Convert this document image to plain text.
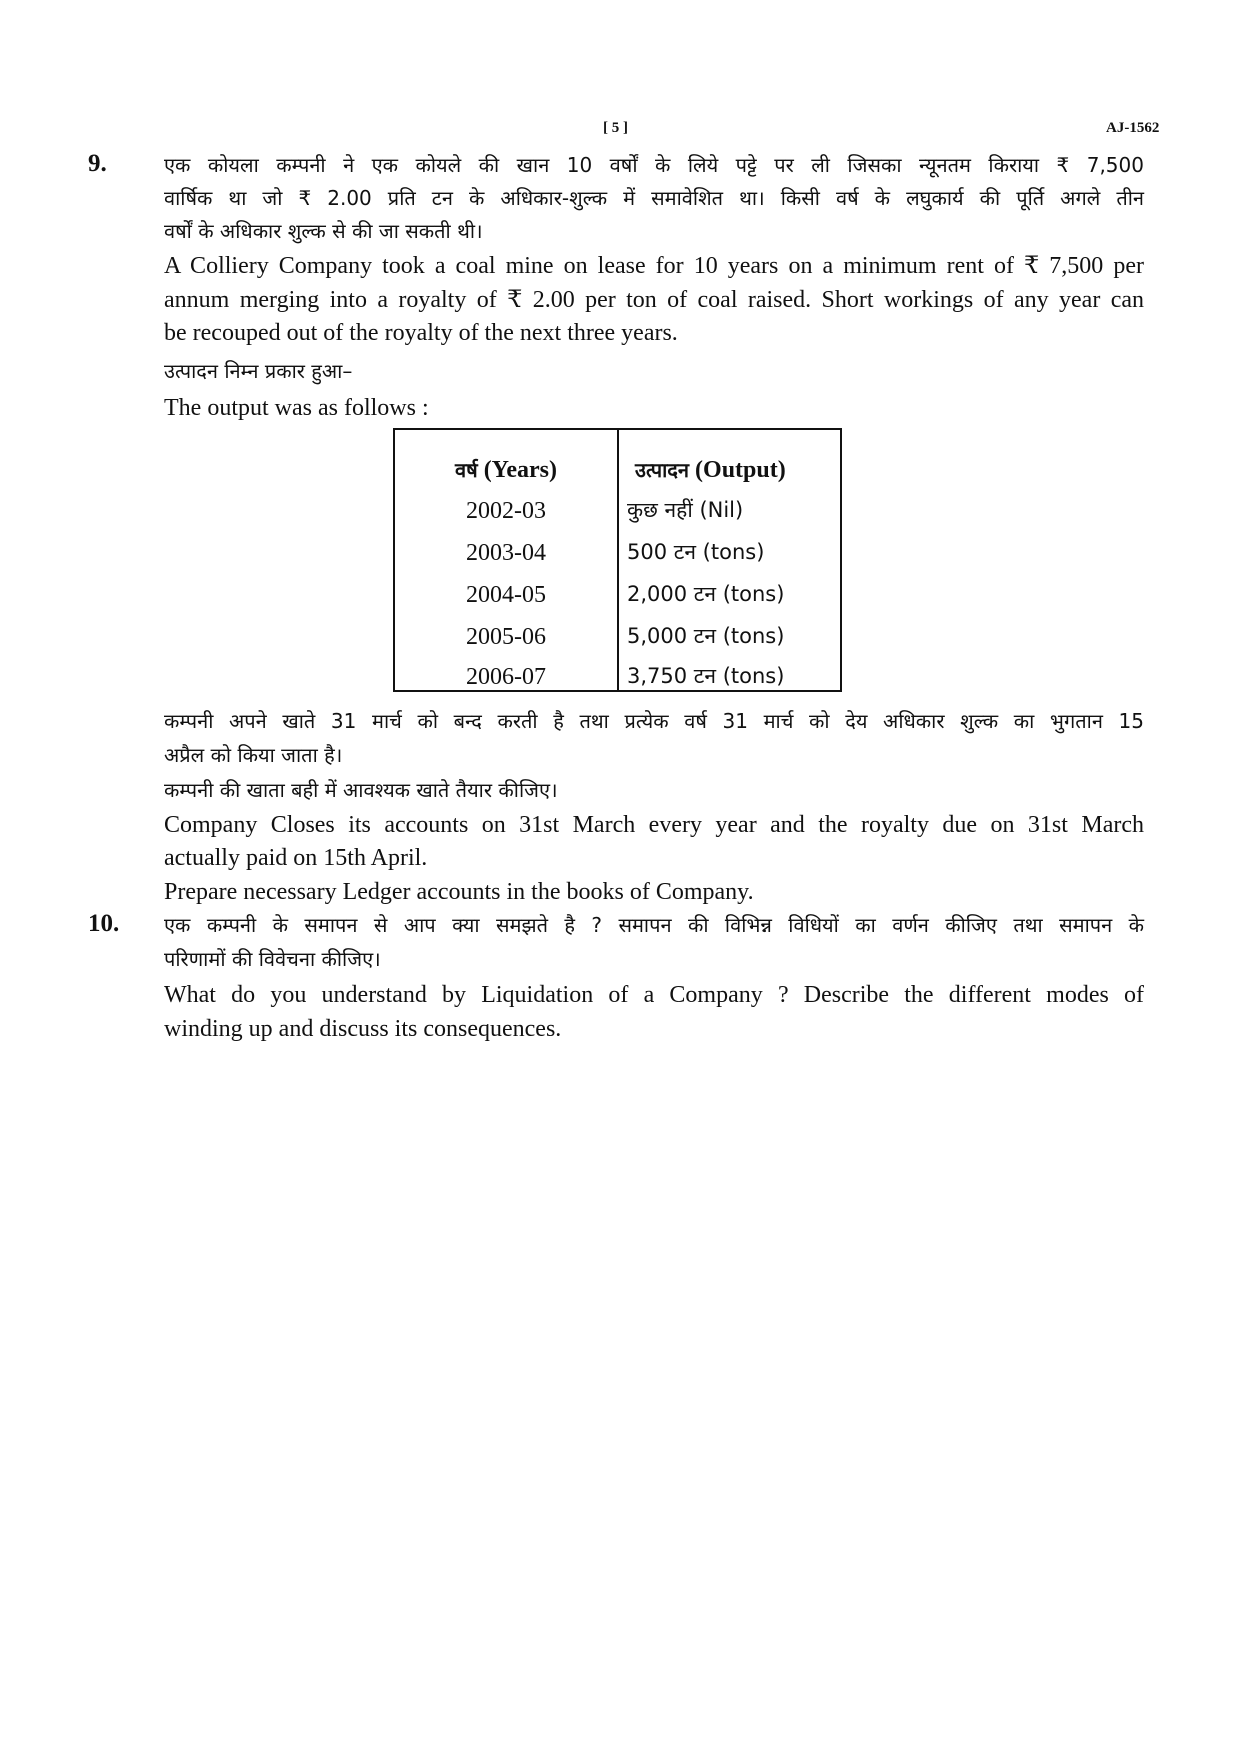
[ 5 ]	AJ-1562
9.	एक कोयला कम्पनी ने एक कोयले की खान 10 वर्षों के लिये पट्टे पर ली जिसका न्यूनतम किराया ₹ 7,500
वार्षिक था जो ₹ 2.00 प्रति टन के अधिकार-शुल्क में समावेशित था। किसी वर्ष के लघुकार्य की पूर्ति अगले तीन
वर्षों के अधिकार शुल्क से की जा सकती थी।
A Colliery Company took a coal mine on lease for 10 years on a minimum rent of ₹ 7,500 per
annum merging into a royalty of ₹ 2.00 per ton of coal raised. Short workings of any year can
be recouped out of the royalty of the next three years.
उत्पादन निम्न प्रकार हुआ–
The output was as follows :
वर्ष (Years)	उत्पादन (Output)
2002-03	कुछ नहीं (Nil)
2003-04	500 टन (tons)
2004-05	2,000 टन (tons)
2005-06	5,000 टन (tons)
2006-07	3,750 टन (tons)
कम्पनी अपने खाते 31 मार्च को बन्द करती है तथा प्रत्येक वर्ष 31 मार्च को देय अधिकार शुल्क का भुगतान 15
अप्रैल को किया जाता है।
कम्पनी की खाता बही में आवश्यक खाते तैयार कीजिए।
Company Closes its accounts on 31st March every year and the royalty due on 31st March
actually paid on 15th April.
Prepare necessary Ledger accounts in the books of Company.
10. एक कम्पनी के समापन से आप क्या समझते है ? समापन की विभिन्न विधियों का वर्णन कीजिए तथा समापन के
परिणामों की विवेचना कीजिए।
What do you understand by Liquidation of a Company ? Describe the different modes of
winding up and discuss its consequences.
